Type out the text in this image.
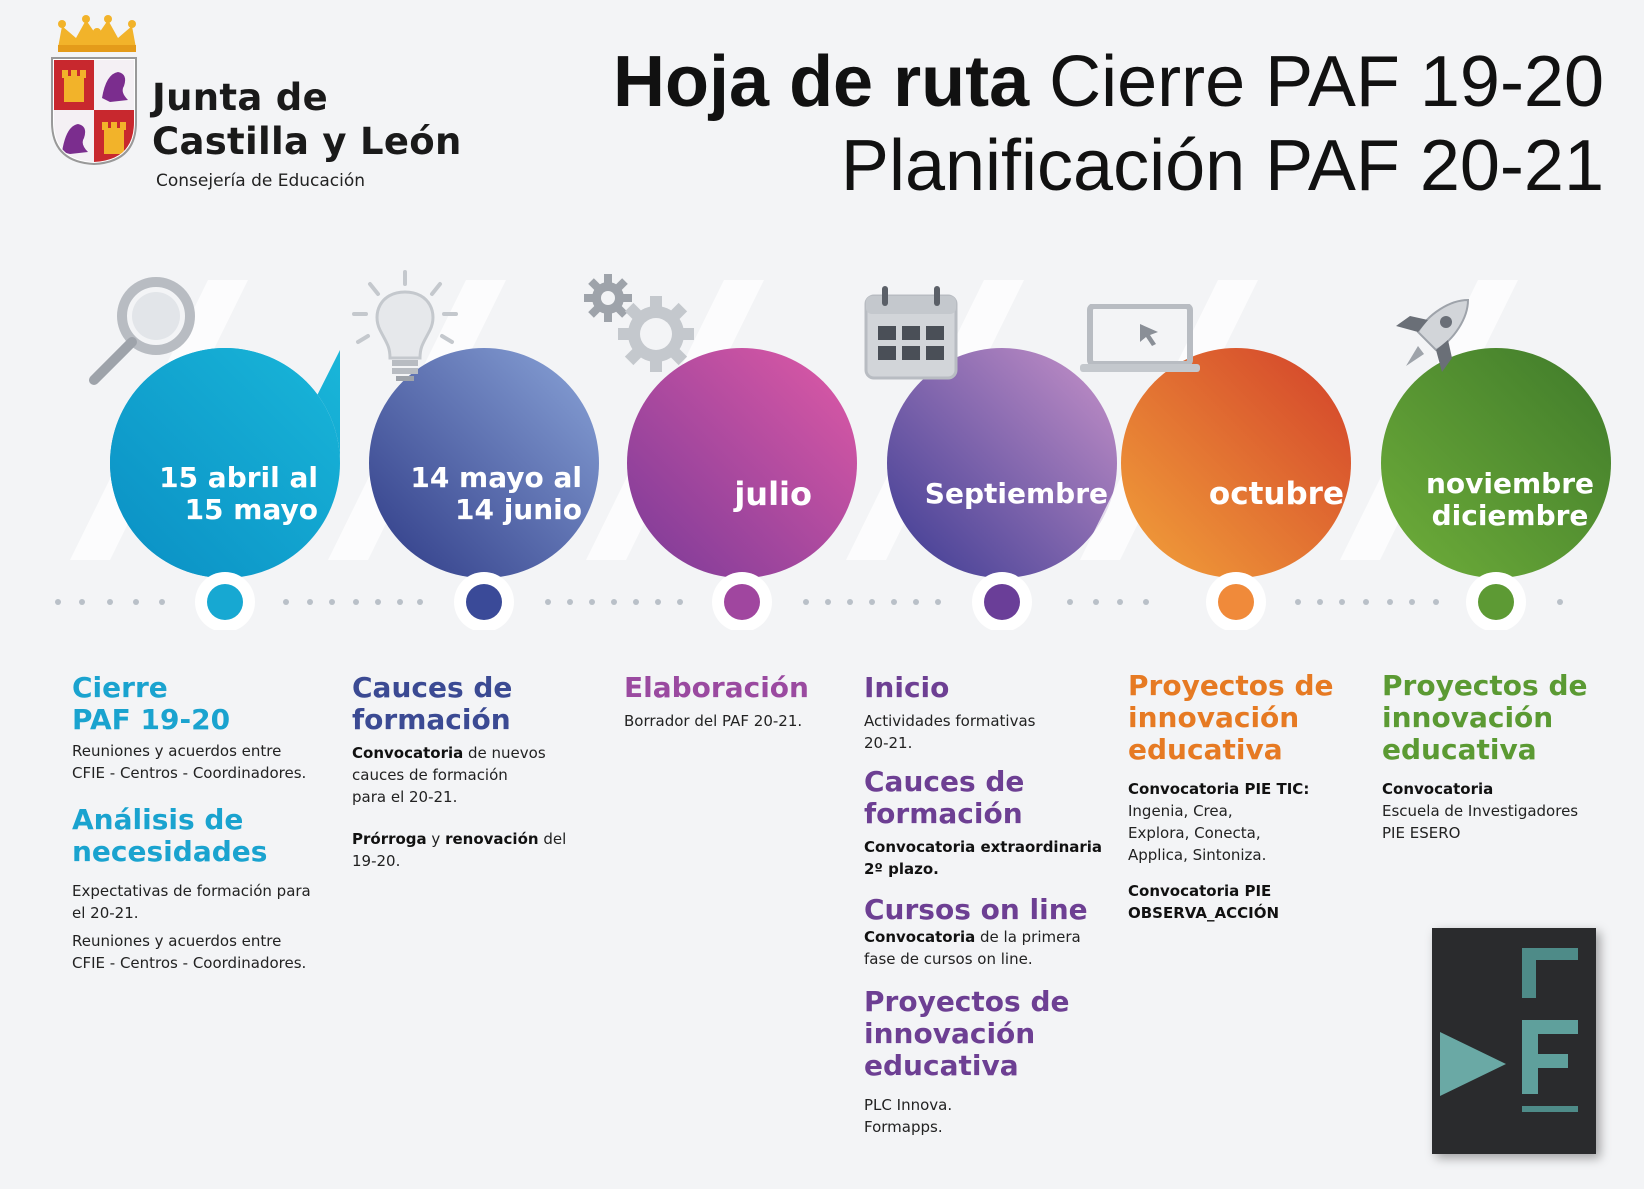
Junta de
Castilla y León
Consejería de Educación
Hoja de ruta Cierre PAF 19-20
Planificación PAF 20-21
15 abril al
15 mayo
14 mayo al
14 junio	julio	Septiembre	octubre	noviembre
diciembre
Cierre
PAF 19-20

Reuniones y acuerdos entre
CFIE - Centros - Coordinadores.

Análisis de
necesidades

Expectativas de formación para
el 20-21.

Reuniones y acuerdos entre
CFIE - Centros - Coordinadores.

Cauces de
formación

Convocatoria de nuevos
cauces de formación
para el 20-21.

Prórroga y renovación del
19-20.

Elaboración

Borrador del PAF 20-21.

Inicio

Actividades formativas
20-21.

Cauces de
formación

Convocatoria extraordinaria
2º plazo.

Cursos on line

Convocatoria de la primera
fase de cursos on line.

Proyectos de
innovación
educativa

PLC Innova.
Formapps.

Proyectos de
innovación
educativa

Convocatoria PIE TIC:
Ingenia, Crea,
Explora, Conecta,
Applica, Sintoniza.

Convocatoria PIE
OBSERVA_ACCIÓN

Proyectos de
innovación
educativa

Convocatoria
Escuela de Investigadores
PIE ESERO
